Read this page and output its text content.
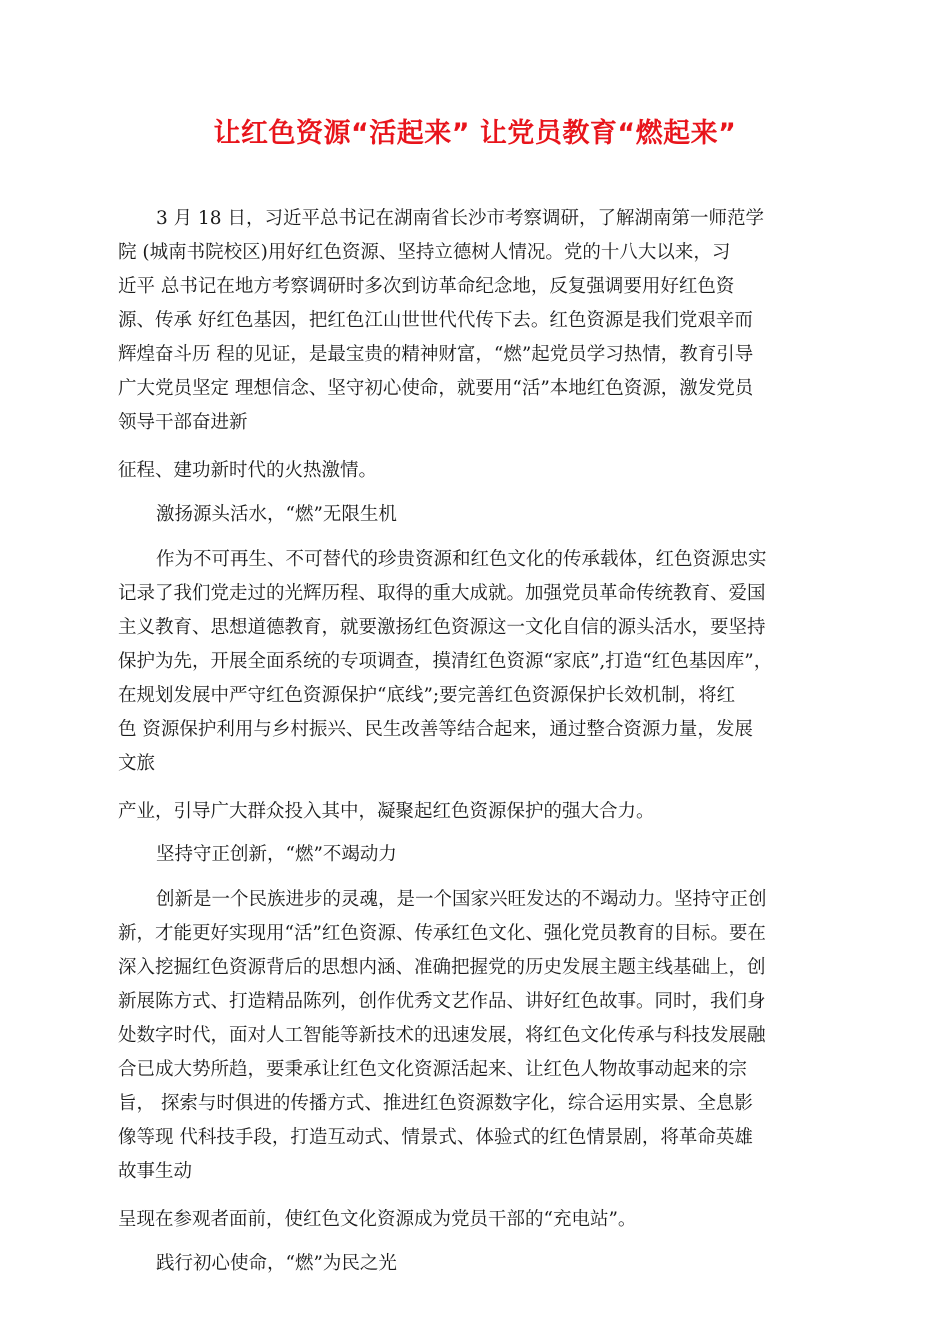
让红色资源“活起来” 让党员教育“燃起来”
3 月 18 日，习近平总书记在湖南省长沙市考察调研，了解湖南第一师范学
院 (城南书院校区)用好红色资源、坚持立德树人情况。党的十八大以来，习
近平 总书记在地方考察调研时多次到访革命纪念地，反复强调要用好红色资
源、传承 好红色基因，把红色江山世世代代传下去。红色资源是我们党艰辛而
辉煌奋斗历 程的见证，是最宝贵的精神财富，“燃”起党员学习热情，教育引导
广大党员坚定 理想信念、坚守初心使命，就要用“活”本地红色资源，激发党员
领导干部奋进新
征程、建功新时代的火热激情。
激扬源头活水，“燃”无限生机
作为不可再生、不可替代的珍贵资源和红色文化的传承载体，红色资源忠实
记录了我们党走过的光辉历程、取得的重大成就。加强党员革命传统教育、爱国
主义教育、思想道德教育，就要激扬红色资源这一文化自信的源头活水，要坚持
保护为先，开展全面系统的专项调查，摸清红色资源“家底”,打造“红色基因库”，
在规划发展中严守红色资源保护“底线”;要完善红色资源保护长效机制，将红
色 资源保护利用与乡村振兴、民生改善等结合起来，通过整合资源力量，发展
文旅
产业，引导广大群众投入其中，凝聚起红色资源保护的强大合力。
坚持守正创新，“燃”不竭动力
创新是一个民族进步的灵魂，是一个国家兴旺发达的不竭动力。坚持守正创
新，才能更好实现用“活”红色资源、传承红色文化、强化党员教育的目标。要在
深入挖掘红色资源背后的思想内涵、准确把握党的历史发展主题主线基础上，创
新展陈方式、打造精品陈列，创作优秀文艺作品、讲好红色故事。同时，我们身
处数字时代，面对人工智能等新技术的迅速发展，将红色文化传承与科技发展融
合已成大势所趋，要秉承让红色文化资源活起来、让红色人物故事动起来的宗
旨， 探索与时俱进的传播方式、推进红色资源数字化，综合运用实景、全息影
像等现 代科技手段，打造互动式、情景式、体验式的红色情景剧，将革命英雄
故事生动
呈现在参观者面前，使红色文化资源成为党员干部的“充电站”。
践行初心使命，“燃”为民之光
